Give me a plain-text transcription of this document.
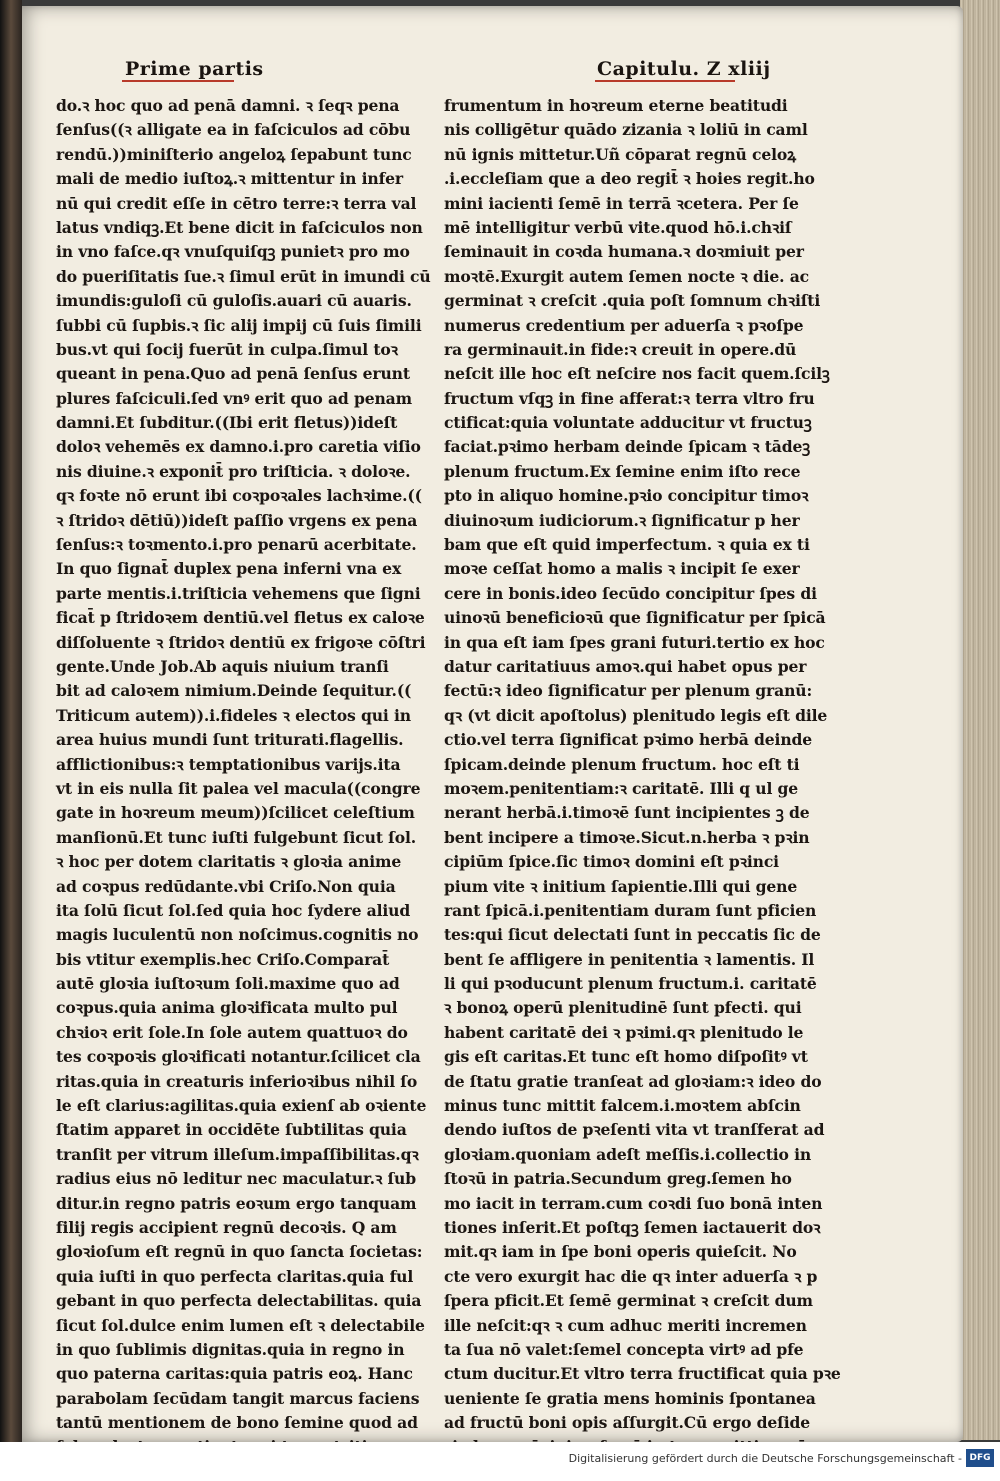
Prime partis	Capitulu. Z xliij
do.ꝛ hoc quo ad penā damni. ꝛ ſeqꝛ pena
ſenſus((ꝛ alligate ea in faſciculos ad cōbu
rendū.))miniſterio angeloꝝ ſepabunt tunc
mali de medio iuſtoꝝ.ꝛ mittentur in infer
nū qui credit eſſe in cētro terre:ꝛ terra val
latus vndiqꝫ.Et bene dicit in faſciculos non
in vno faſce.qꝛ vnuſquiſqꝫ punietꝛ pro mo
do pueriſitatis ſue.ꝛ ſimul erūt in imundi cū
imundis:guloſi cū guloſis.auari cū auaris.
ſubbi cū ſupbis.ꝛ ſic alij impij cū ſuis ſimili
bus.vt qui ſocij fuerūt in culpa.ſimul toꝛ
queant in pena.Quo ad penā ſenſus erunt
plures faſciculi.ſed vnꝰ erit quo ad penam
damni.Et ſubditur.((Ibi erit fletus))ideſt
doloꝛ vehemēs ex damno.i.pro caretia viſio
nis diuine.ꝛ exponit̄ pro triſticia. ꝛ doloꝛe.
qꝛ foꝛte nō erunt ibi coꝛpoꝛales lachꝛime.((
ꝛ ſtridoꝛ dētiū))ideſt paſſio vrgens ex pena
ſenſus:ꝛ toꝛmento.i.pro penarū acerbitate.
In quo ſignat̄ duplex pena inferni vna ex
parte mentis.i.triſticia vehemens que ſigni
ficat̄ p ſtridoꝛem dentiū.vel fletus ex caloꝛe
diſſoluente ꝛ ſtridoꝛ dentiū ex frigoꝛe cōſtri
gente.Unde Job.Ab aquis niuium tranſi
bit ad caloꝛem nimium.Deinde ſequitur.((
Triticum autem)).i.fideles ꝛ electos qui in
area huius mundi ſunt triturati.flagellis.
afflictionibus:ꝛ temptationibus varijs.ita
vt in eis nulla ſit palea vel macula((congre
gate in hoꝛreum meum))ſcilicet celeſtium
manſionū.Et tunc iuſti fulgebunt ſicut ſol.
ꝛ hoc per dotem claritatis ꝛ gloꝛia anime
ad coꝛpus redūdante.vbi Criſo.Non quia
ita ſolū ſicut ſol.ſed quia hoc ſydere aliud
magis luculentū non noſcimus.cognitis no
bis vtitur exemplis.hec Criſo.Comparat̄
autē gloꝛia iuſtoꝛum ſoli.maxime quo ad
coꝛpus.quia anima gloꝛificata multo pul
chꝛioꝛ erit ſole.In ſole autem quattuoꝛ do
tes coꝛpoꝛis gloꝛificati notantur.ſcilicet cla
ritas.quia in creaturis inferioꝛibus nihil ſo
le eſt clarius:agilitas.quia exienſ ab oꝛiente
ſtatim apparet in occidēte ſubtilitas quia
tranſit per vitrum illeſum.impaſſibilitas.qꝛ
radius eius nō leditur nec maculatur.ꝛ ſub
ditur.in regno patris eoꝛum ergo tanquam
filij regis accipient regnū decoꝛis. Q am
gloꝛioſum eſt regnū in quo ſancta ſocietas:
quia iuſti in quo perfecta claritas.quia ful
gebant in quo perfecta delectabilitas. quia
ſicut ſol.dulce enim lumen eſt ꝛ delectabile
in quo ſublimis dignitas.quia in regno in
quo paterna caritas:quia patris eoꝝ. Hanc
parabolam ſecūdam tangit marcus faciens
tantū mentionem de bono ſemine quod ad
frumentum in hoꝛreum eterne beatitudi
nis colligētur quādo zizania ꝛ loliū in caml
nū ignis mittetur.Uñ cōparat regnū celoꝝ
.i.eccleſiam que a deo regit̄ ꝛ hoies regit.ho
mini iacienti ſemē in terrā ꝛcetera. Per ſe
mē intelligitur verbū vite.quod hō.i.chꝛiſ
ſeminauit in coꝛda humana.ꝛ doꝛmiuit per
moꝛtē.Exurgit autem ſemen nocte ꝛ die. ac
germinat ꝛ creſcit .quia poſt ſomnum chꝛiſti
numerus credentium per aduerſa ꝛ pꝛoſpe
ra germinauit.in fide:ꝛ creuit in opere.dū
neſcit ille hoc eſt neſcire nos facit quem.ſcilꝫ
fructum vſqꝫ in fine afferat:ꝛ terra vltro fru
ctificat:quia voluntate adducitur vt fructuꝫ
faciat.pꝛimo herbam deinde ſpicam ꝛ tādeꝫ
plenum fructum.Ex ſemine enim iſto rece
pto in aliquo homine.pꝛio concipitur timoꝛ
diuinoꝛum iudiciorum.ꝛ ſignificatur p her
bam que eſt quid imperfectum. ꝛ quia ex ti
moꝛe ceſſat homo a malis ꝛ incipit ſe exer
cere in bonis.ideo ſecūdo concipitur ſpes di
uinoꝛū beneficioꝛū que ſignificatur per ſpicā
in qua eſt iam ſpes grani futuri.tertio ex hoc
datur caritatiuus amoꝛ.qui habet opus per
fectū:ꝛ ideo ſignificatur per plenum granū:
qꝛ (vt dicit apoſtolus) plenitudo legis eſt dile
ctio.vel terra ſignificat pꝛimo herbā deinde
ſpicam.deinde plenum fructum. hoc eſt ti
moꝛem.penitentiam:ꝛ caritatē. Illi q ul ge
nerant herbā.i.timoꝛē ſunt incipientes ꝫ de
bent incipere a timoꝛe.Sicut.n.herba ꝛ pꝛin
cipiūm ſpice.ſic timoꝛ domini eſt pꝛinci
pium vite ꝛ initium ſapientie.Illi qui gene
rant ſpicā.i.penitentiam duram ſunt pficien
tes:qui ſicut delectati ſunt in peccatis ſic de
bent ſe affligere in penitentia ꝛ lamentis. Il
li qui pꝛoducunt plenum fructum.i. caritatē
ꝛ bonoꝝ operū plenitudinē ſunt pfecti. qui
habent caritatē dei ꝛ pꝛimi.qꝛ plenitudo le
gis eſt caritas.Et tunc eſt homo diſpoſitꝰ vt
de ſtatu gratie tranſeat ad gloꝛiam:ꝛ ideo do
minus tunc mittit falcem.i.moꝛtem abſcin
dendo iuſtos de pꝛeſenti vita vt tranſferat ad
gloꝛiam.quoniam adeſt meſſis.i.collectio in
ſtoꝛū in patria.Secundum greg.ſemen ho
mo iacit in terram.cum coꝛdi ſuo bonā inten
tiones inſerit.Et poſtqꝫ ſemen iactauerit doꝛ
mit.qꝛ iam in ſpe boni operis quieſcit. No
cte vero exurgit hac die qꝛ inter aduerſa ꝛ p
ſpera pficit.Et ſemē germinat ꝛ creſcit dum
ille neſcit:qꝛ ꝛ cum adhuc meriti incremen
ta ſua nō valet:ſemel concepta virtꝰ ad pfe
ctum ducitur.Et vltro terra fructificat quia pꝛe
ueniente ſe gratia mens hominis ſpontanea
ad fructū boni opis aſſurgit.Cū ergo deſide
Digitalisierung gefördert durch die Deutsche Forschungsgemeinschaft - DFG
